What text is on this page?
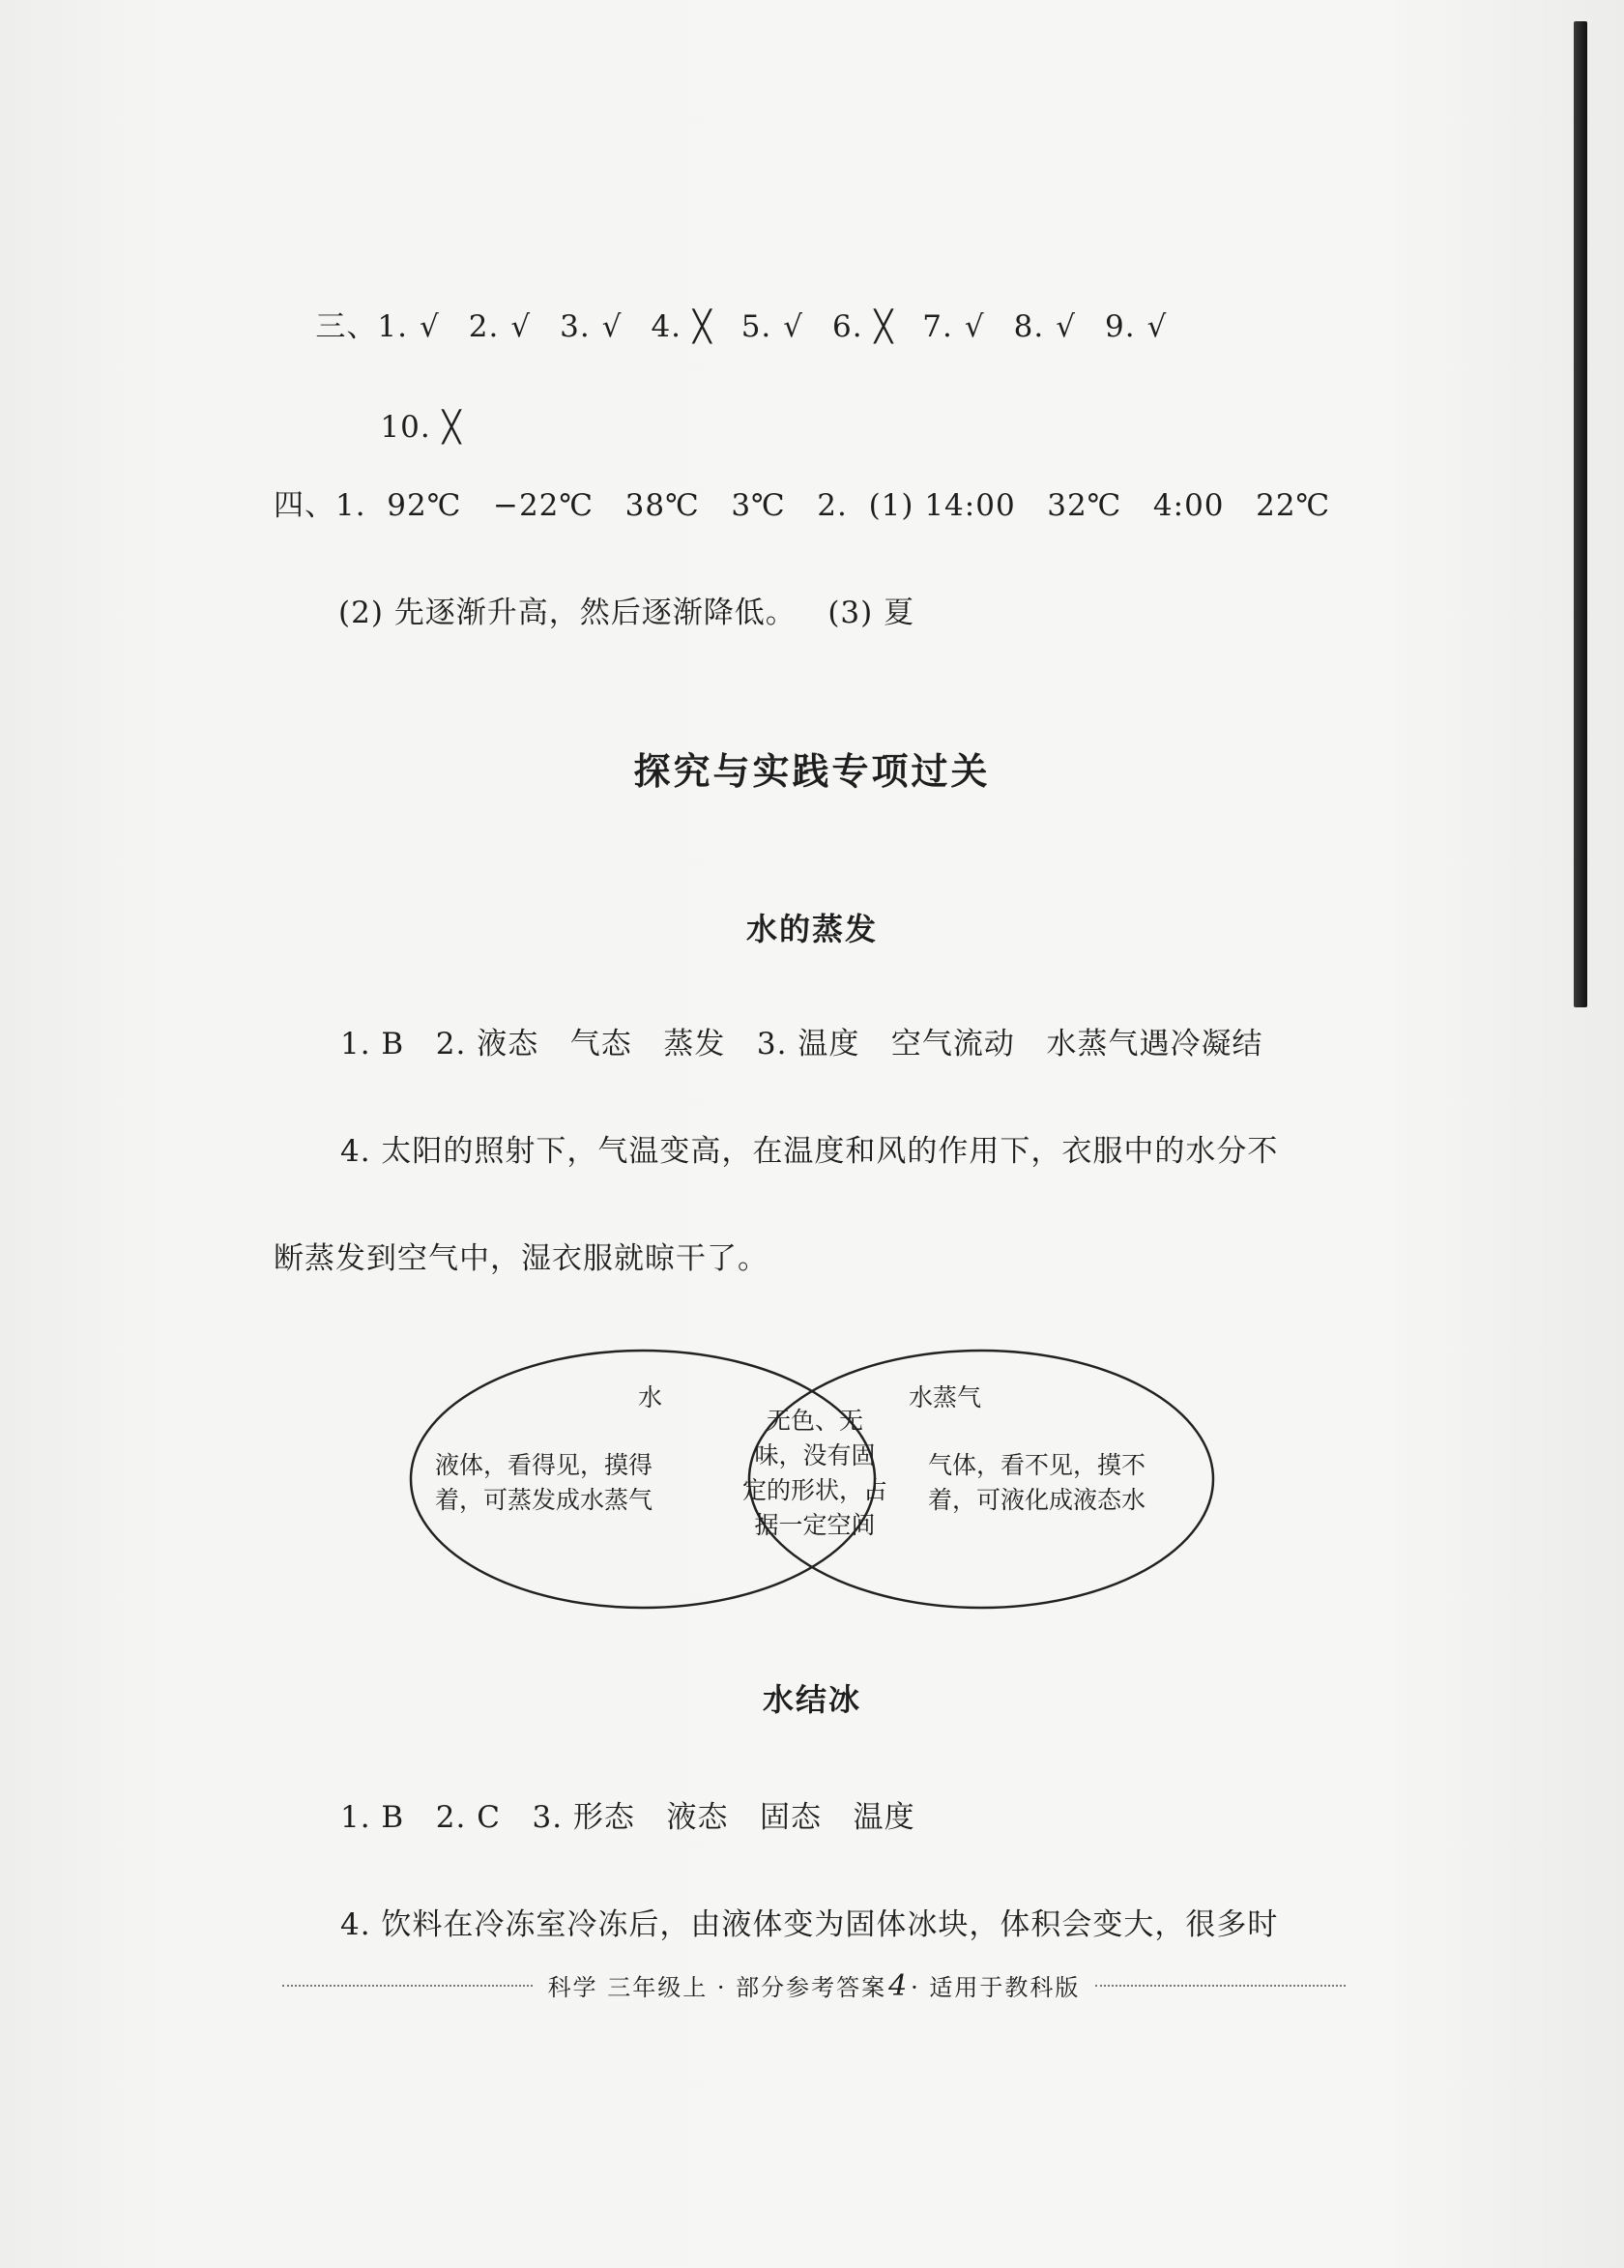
三、1. √ 2. √ 3. √ 4. ╳ 5. √ 6. ╳ 7. √ 8. √ 9. √

10. ╳

四、1.  92℃   −22℃   38℃   3℃   2.  (1) 14:00   32℃   4:00   22℃
(2) 先逐渐升高，然后逐渐降低。   (3) 夏
探究与实践专项过关
水的蒸发
1. B   2. 液态   气态   蒸发   3. 温度   空气流动   水蒸气遇冷凝结
4. 太阳的照射下，气温变高，在温度和风的作用下，衣服中的水分不
断蒸发到空气中，湿衣服就晾干了。
水	水蒸气
液体，看得见，摸得
着，可蒸发成水蒸气
无色、无
味，没有固
定的形状，占
据一定空间
气体，看不见，摸不
着，可液化成液态水
水结冰
1. B   2. C   3. 形态   液态   固态   温度
4. 饮料在冷冻室冷冻后，由液体变为固体冰块，体积会变大，很多时
科学 三年级上 · 部分参考答案4· 适用于教科版
